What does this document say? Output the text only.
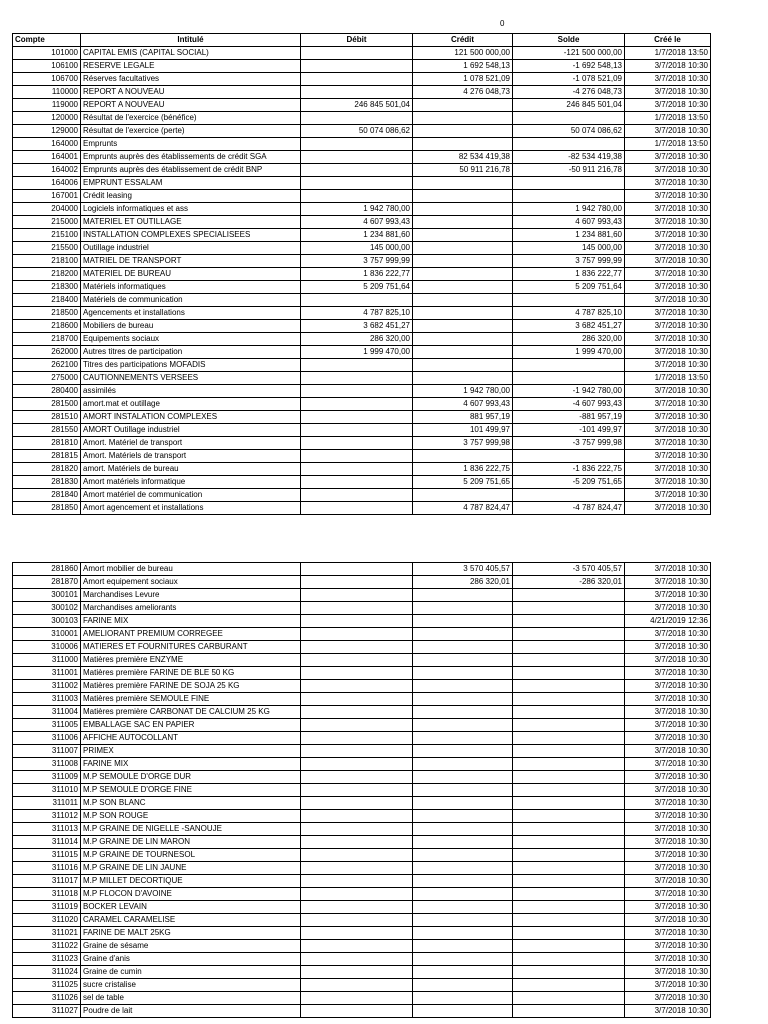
0
Compte	Intitulé	Débit	Crédit	Solde	Créé le
101000	CAPITAL EMIS (CAPITAL SOCIAL)		121 500 000,00	-121 500 000,00	1/7/2018 13:50
106100	RESERVE LEGALE		1 692 548,13	-1 692 548,13	3/7/2018 10:30
106700	Réserves facultatives		1 078 521,09	-1 078 521,09	3/7/2018 10:30
110000	REPORT A NOUVEAU		4 276 048,73	-4 276 048,73	3/7/2018 10:30
119000	REPORT A NOUVEAU	246 845 501,04		246 845 501,04	3/7/2018 10:30
120000	Résultat de l'exercice (bénéfice)				1/7/2018 13:50
129000	Résultat de l'exercice (perte)	50 074 086,62		50 074 086,62	3/7/2018 10:30
164000	Emprunts				1/7/2018 13:50
164001	Emprunts auprès des établissements de crédit SGA		82 534 419,38	-82 534 419,38	3/7/2018 10:30
164002	Emprunts auprès des établissement de crédit BNP		50 911 216,78	-50 911 216,78	3/7/2018 10:30
164006	EMPRUNT ESSALAM				3/7/2018 10:30
167001	Crédit leasing				3/7/2018 10:30
204000	Logiciels informatiques et ass	1 942 780,00		1 942 780,00	3/7/2018 10:30
215000	MATERIEL ET OUTILLAGE	4 607 993,43		4 607 993,43	3/7/2018 10:30
215100	INSTALLATION COMPLEXES SPECIALISEES	1 234 881,60		1 234 881,60	3/7/2018 10:30
215500	Outillage industriel	145 000,00		145 000,00	3/7/2018 10:30
218100	MATRIEL DE TRANSPORT	3 757 999,99		3 757 999,99	3/7/2018 10:30
218200	MATERIEL DE BUREAU	1 836 222,77		1 836 222,77	3/7/2018 10:30
218300	Matériels informatiques	5 209 751,64		5 209 751,64	3/7/2018 10:30
218400	Matériels de communication				3/7/2018 10:30
218500	Agencements et installations	4 787 825,10		4 787 825,10	3/7/2018 10:30
218600	Mobiliers de bureau	3 682 451,27		3 682 451,27	3/7/2018 10:30
218700	Equipements sociaux	286 320,00		286 320,00	3/7/2018 10:30
262000	Autres titres de participation	1 999 470,00		1 999 470,00	3/7/2018 10:30
262100	Titres des participations MOFADIS				3/7/2018 10:30
275000	CAUTIONNEMENTS VERSEES				1/7/2018 13:50
280400	assimilés		1 942 780,00	-1 942 780,00	3/7/2018 10:30
281500	amort.mat et outillage		4 607 993,43	-4 607 993,43	3/7/2018 10:30
281510	AMORT INSTALATION COMPLEXES		881 957,19	-881 957,19	3/7/2018 10:30
281550	AMORT Outillage industriel		101 499,97	-101 499,97	3/7/2018 10:30
281810	Amort. Matériel de transport		3 757 999,98	-3 757 999,98	3/7/2018 10:30
281815	Amort. Matériels de transport				3/7/2018 10:30
281820	amort. Matériels de bureau		1 836 222,75	-1 836 222,75	3/7/2018 10:30
281830	Amort matériels informatique		5 209 751,65	-5 209 751,65	3/7/2018 10:30
281840	Amort matériel de communication				3/7/2018 10:30
281850	Amort agencement et installations		4 787 824,47	-4 787 824,47	3/7/2018 10:30
281860	Amort mobilier de bureau		3 570 405,57	-3 570 405,57	3/7/2018 10:30
281870	Amort equipement sociaux		286 320,01	-286 320,01	3/7/2018 10:30
300101	Marchandises Levure				3/7/2018 10:30
300102	Marchandises ameliorants				3/7/2018 10:30
300103	FARINE MIX				4/21/2019 12:36
310001	AMELIORANT PREMIUM CORREGEE				3/7/2018 10:30
310006	MATIERES ET FOURNITURES CARBURANT				3/7/2018 10:30
311000	Matières première ENZYME				3/7/2018 10:30
311001	Matières première FARINE DE BLE 50 KG				3/7/2018 10:30
311002	Matières première FARINE DE SOJA 25 KG				3/7/2018 10:30
311003	Matières première SEMOULE FINE				3/7/2018 10:30
311004	Matières première CARBONAT DE CALCIUM 25 KG				3/7/2018 10:30
311005	EMBALLAGE SAC EN PAPIER				3/7/2018 10:30
311006	AFFICHE AUTOCOLLANT				3/7/2018 10:30
311007	PRIMEX				3/7/2018 10:30
311008	FARINE MIX				3/7/2018 10:30
311009	M.P SEMOULE D'ORGE DUR				3/7/2018 10:30
311010	M.P SEMOULE D'ORGE FINE				3/7/2018 10:30
311011	M.P SON BLANC				3/7/2018 10:30
311012	M.P SON ROUGE				3/7/2018 10:30
311013	M.P GRAINE DE NIGELLE -SANOUJE				3/7/2018 10:30
311014	M.P GRAINE DE LIN MARON				3/7/2018 10:30
311015	M.P GRAINE DE TOURNESOL				3/7/2018 10:30
311016	M.P GRAINE DE LIN JAUNE				3/7/2018 10:30
311017	M.P MILLET DECORTIQUE				3/7/2018 10:30
311018	M.P FLOCON D'AVOINE				3/7/2018 10:30
311019	BOCKER LEVAIN				3/7/2018 10:30
311020	CARAMEL CARAMELISE				3/7/2018 10:30
311021	FARINE DE MALT 25KG				3/7/2018 10:30
311022	Graine de sésame				3/7/2018 10:30
311023	Graine d'anis				3/7/2018 10:30
311024	Graine de cumin				3/7/2018 10:30
311025	sucre cristalise				3/7/2018 10:30
311026	sel de table				3/7/2018 10:30
311027	Poudre de lait				3/7/2018 10:30
